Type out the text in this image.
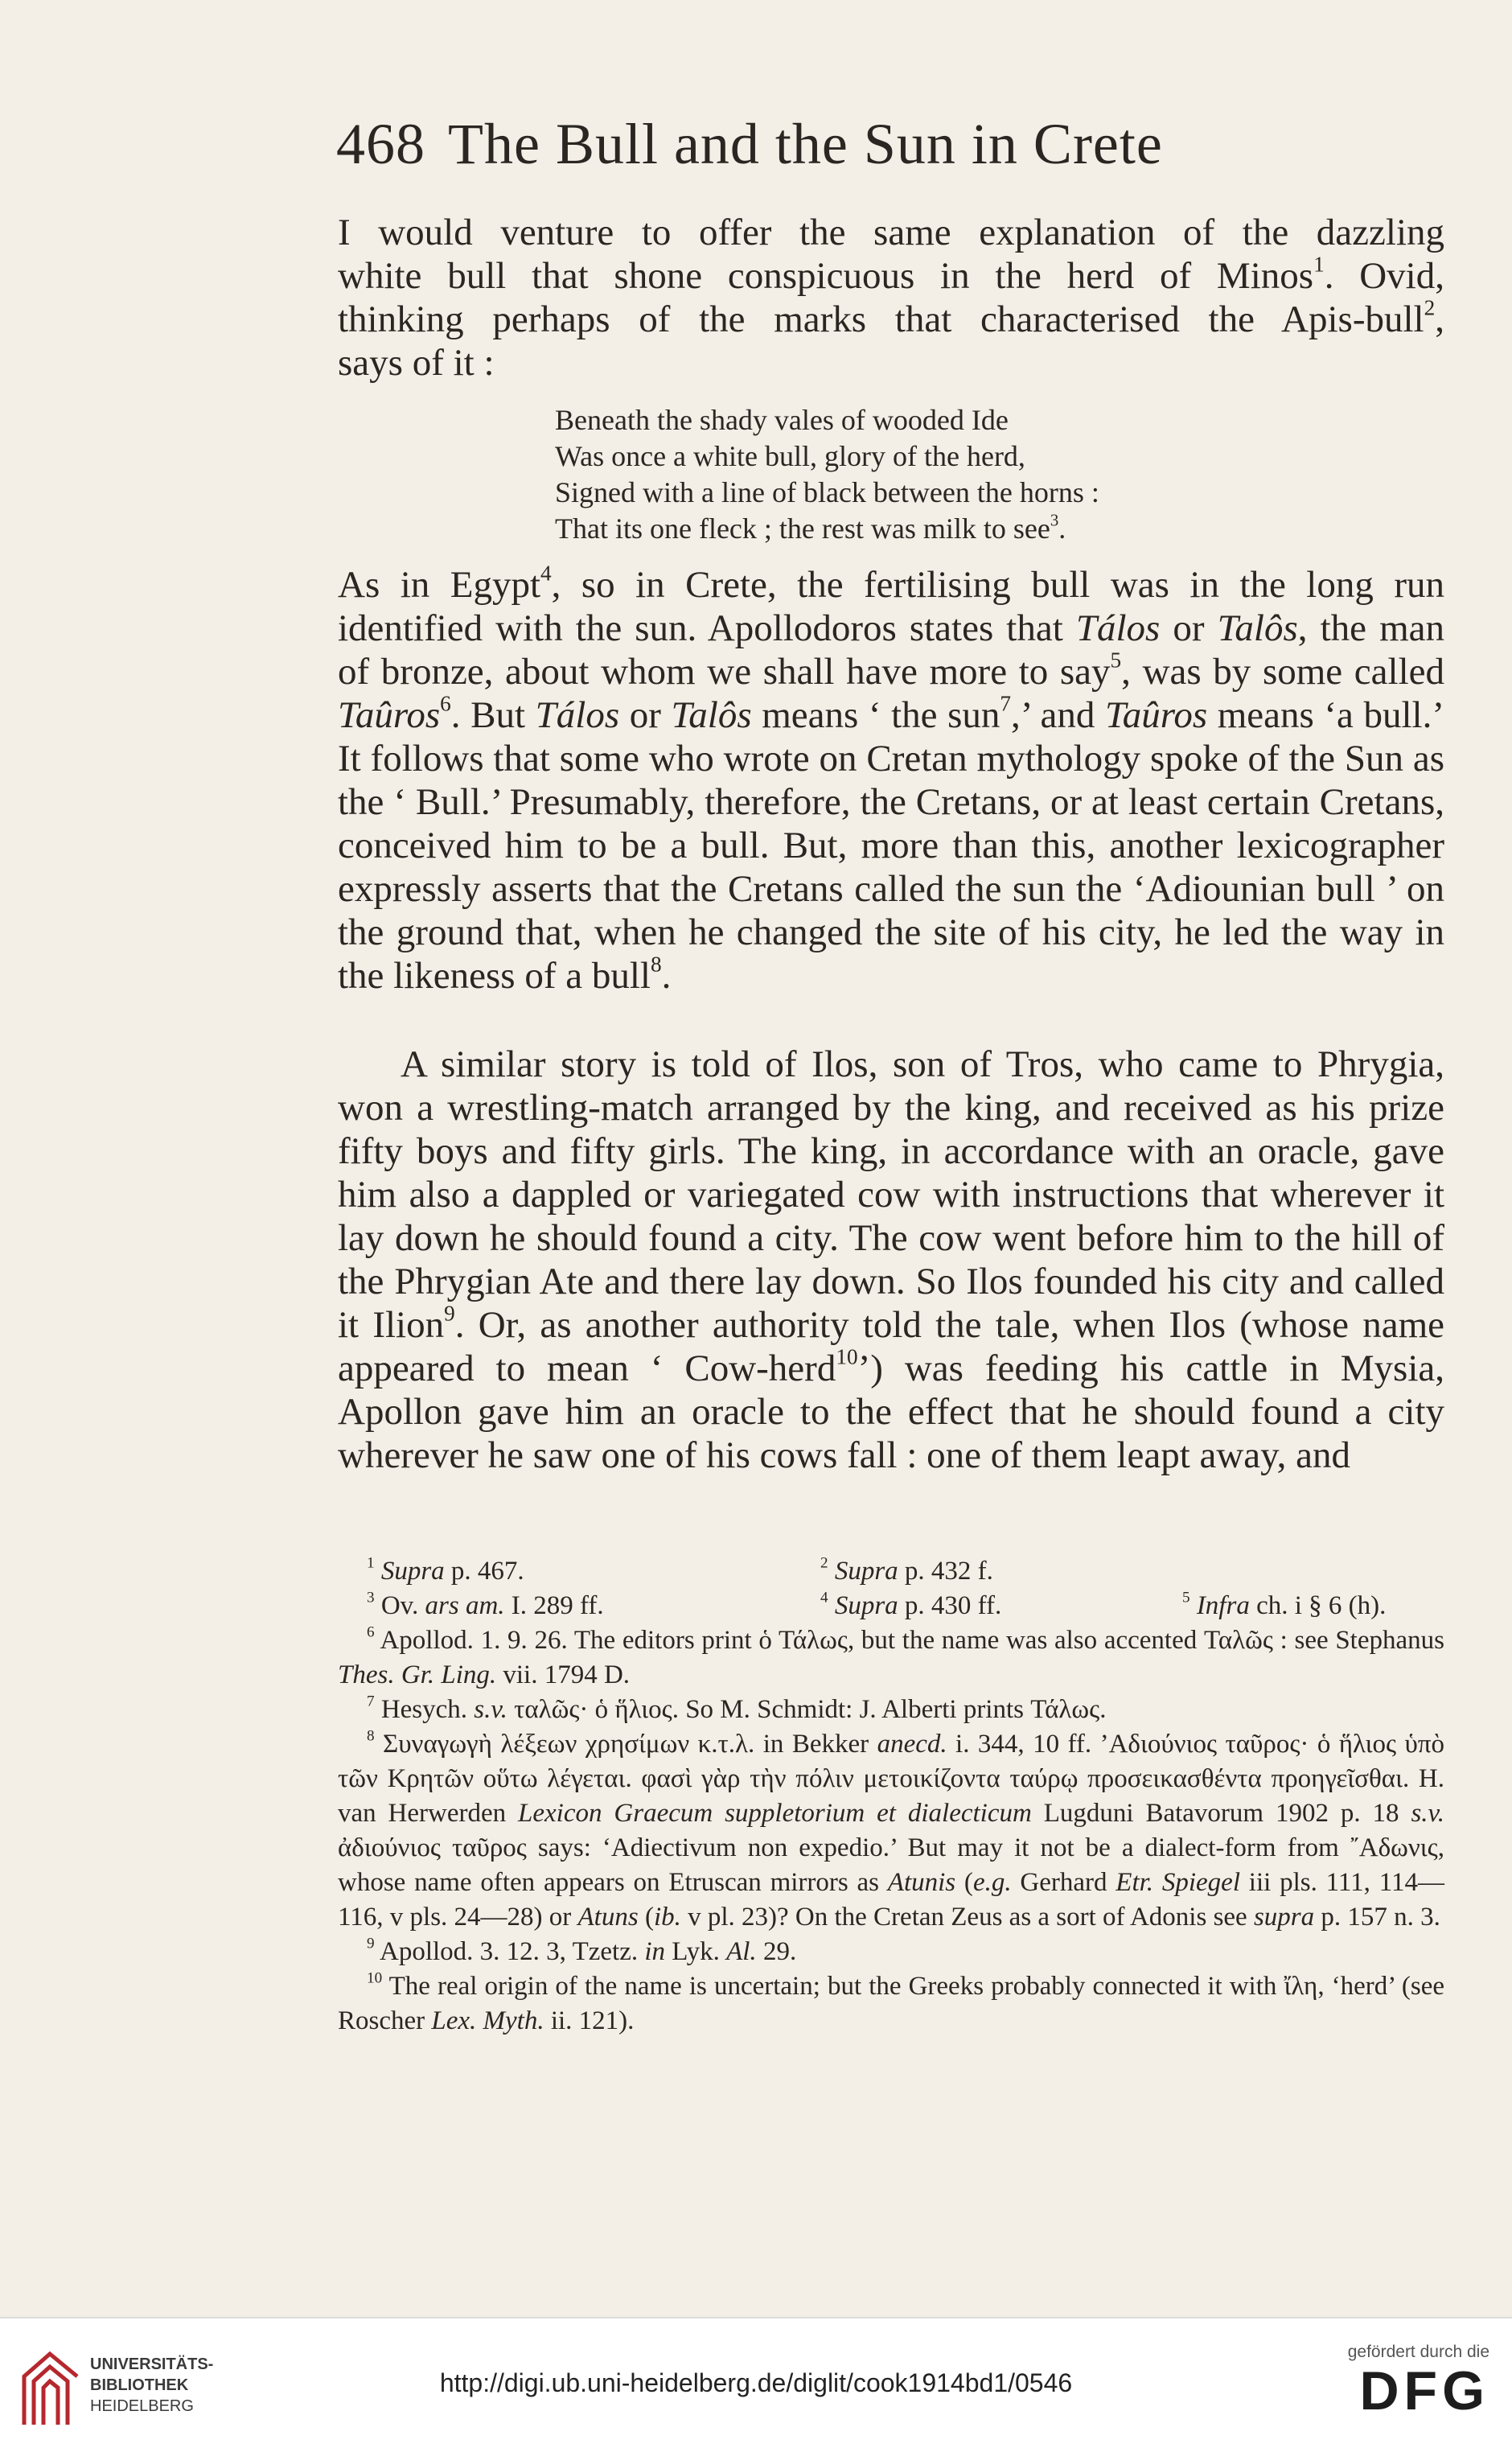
468 The Bull and the Sun in Crete
I would venture to offer the same explanation of the dazzling
white bull that shone conspicuous in the herd of Minos$^1$. Ovid,
thinking perhaps of the marks that characterised the Apis-bull$^2$,
says of it :
Beneath the shady vales of wooded Ide
Was once a white bull, glory of the herd,
Signed with a line of black between the horns :
That its one fleck ; the rest was milk to see$^3$.

As in Egypt$^4$, so in Crete, the fertilising bull was in the long run identified with the sun. Apollodoros states that Tálos or Talôs, the man of bronze, about whom we shall have more to say$^5$, was by some called Taûros$^6$. But Tálos or Talôs means ‘ the sun$^7$,’ and Taûros means ‘a bull.’ It follows that some who wrote on Cretan mythology spoke of the Sun as the ‘ Bull.’ Presumably, therefore, the Cretans, or at least certain Cretans, conceived him to be a bull. But, more than this, another lexicographer expressly asserts that the Cretans called the sun the ‘Adiounian bull ’ on the ground that, when he changed the site of his city, he led the way in the likeness of a bull$^8$.

A similar story is told of Ilos, son of Tros, who came to Phrygia, won a wrestling-match arranged by the king, and received as his prize fifty boys and fifty girls. The king, in accordance with an oracle, gave him also a dappled or variegated cow with instructions that wherever it lay down he should found a city. The cow went before him to the hill of the Phrygian Ate and there lay down. So Ilos founded his city and called it Ilion$^9$. Or, as another authority told the tale, when Ilos (whose name appeared to mean ‘ Cow-herd$^{10}$’) was feeding his cattle in Mysia, Apollon gave him an oracle to the effect that he should found a city wherever he saw one of his cows fall : one of them leapt away, and

$^1$ Supra p. 467.	$^2$ Supra p. 432 f.
$^3$ Ov. ars am. I. 289 ff.	$^4$ Supra p. 430 ff.	$^5$ Infra ch. i § 6 (h).

$^6$ Apollod. 1. 9. 26. The editors print ὁ Τάλως, but the name was also accented Ταλῶς : see Stephanus Thes. Gr. Ling. vii. 1794 D.

$^7$ Hesych. s.v. ταλῶς· ὁ ἥλιος. So M. Schmidt: J. Alberti prints Τάλως.

$^8$ Συναγωγὴ λέξεων χρησίμων κ.τ.λ. in Bekker anecd. i. 344, 10 ff. ’Αδιούνιος ταῦρος· ὁ ἥλιος ὑπὸ τῶν Κρητῶν οὕτω λέγεται. φασὶ γὰρ τὴν πόλιν μετοικίζοντα ταύρῳ προσεικασθέντα προηγεῖσθαι. H. van Herwerden Lexicon Graecum suppletorium et dialecticum Lugduni Batavorum 1902 p. 18 s.v. ἀδιούνιος ταῦρος says: ‘Adiectivum non expedio.’ But may it not be a dialect-form from ῎Αδωνις, whose name often appears on Etruscan mirrors as Atunis (e.g. Gerhard Etr. Spiegel iii pls. 111, 114—116, v pls. 24—28) or Atuns (ib. v pl. 23)? On the Cretan Zeus as a sort of Adonis see supra p. 157 n. 3.

$^9$ Apollod. 3. 12. 3, Tzetz. in Lyk. Al. 29.

$^{10}$ The real origin of the name is uncertain; but the Greeks probably connected it with ἴλη, ‘herd’ (see Roscher Lex. Myth. ii. 121).

UNIVERSITÄTS-
BIBLIOTHEK
HEIDELBERG
http://digi.ub.uni-heidelberg.de/diglit/cook1914bd1/0546
gefördert durch die
DFG
